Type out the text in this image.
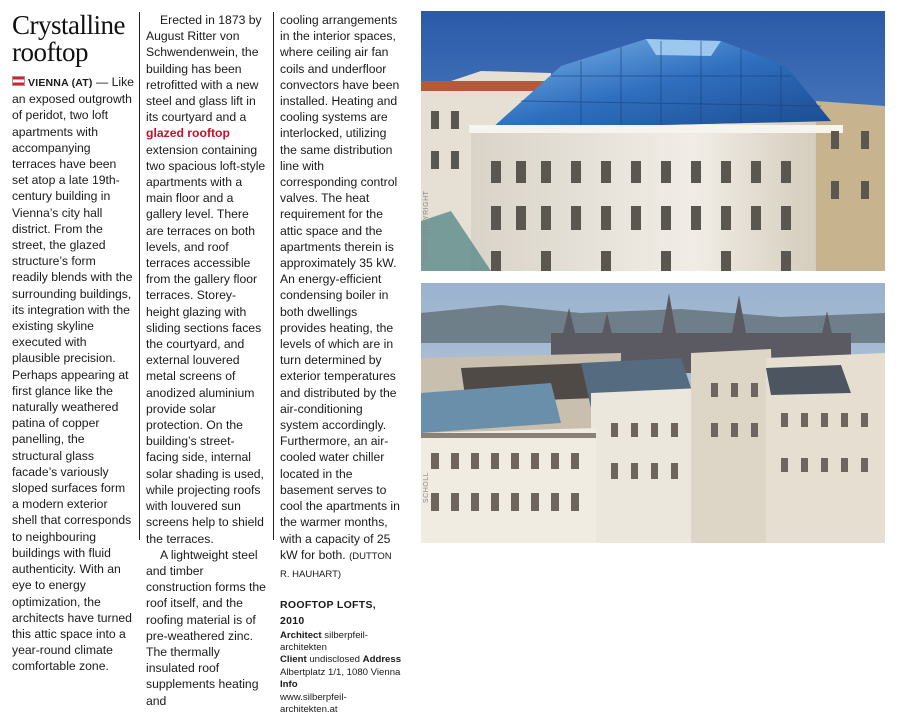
Crystalline
rooftop

VIENNA (AT) — Like an exposed outgrowth of peridot, two loft apartments with accompanying terraces have been set atop a late 19th-century building in Vienna’s city hall district. From the street, the glazed structure’s form readily blends with the surrounding buildings, its integration with the existing skyline executed with plausible precision. Perhaps appearing at first glance like the naturally weathered patina of copper panelling, the structural glass facade’s variously sloped surfaces form a modern exterior shell that corresponds to neighbouring buildings with fluid authenticity. With an eye to energy optimization, the architects have turned this attic space into a year-round climate comfortable zone.

Erected in 1873 by August Ritter von Schwendenwein, the building has been retrofitted with a new steel and glass lift in its courtyard and a glazed rooftop extension containing two spacious loft-style apartments with a main floor and a gallery level. There are terraces on both levels, and roof terraces accessible from the gallery floor terraces. Storey-height glazing with sliding sections faces the courtyard, and external louvered metal screens of anodized aluminium provide solar protection. On the building’s street-facing side, internal solar shading is used, while projecting roofs with louvered sun screens help to shield the terraces.

A lightweight steel and timber construction forms the roof itself, and the roofing material is of pre-weathered zinc. The thermally insulated roof supplements heating and

cooling arrangements in the interior spaces, where ceiling air fan coils and underfloor convectors have been installed. Heating and cooling systems are interlocked, utilizing the same distribution line with corresponding control valves. The heat requirement for the attic space and the apartments therein is approximately 35 kW. An energy-efficient condensing boiler in both dwellings provides heating, the levels of which are in turn determined by exterior temperatures and distributed by the air-conditioning system accordingly. Furthermore, an air-cooled water chiller located in the basement serves to cool the apartments in the warmer months, with a capacity of 25 kW for both. (DUTTON R. HAUHART)

ROOFTOP LOFTS, 2010
Architect silberpfeil-architekten
Client undisclosed Address
Albertplatz 1/1, 1080 Vienna Info
www.silberpfeil-architekten.at
GANS COPYRIGHT
SCHOLL
